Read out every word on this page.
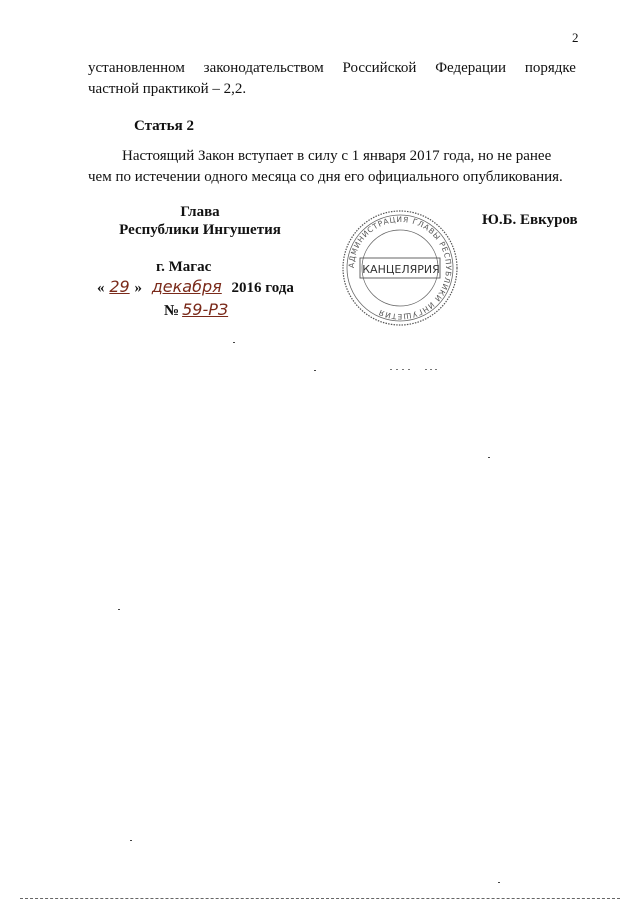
2
установленном законодательством Российской Федерации порядке
частной практикой – 2,2.
Статья 2
Настоящий Закон вступает в силу с 1 января 2017 года, но не ранее
чем по истечении одного месяца со дня его официального опубликования.
Глава
Республики Ингушетия
Ю.Б. Евкуров
г. Магас
« 29 » декабря 2016 года
№ 59-РЗ
АДМИНИСТРАЦИЯ ГЛАВЫ РЕСПУБЛИКИ ИНГУШЕТИЯ
КАНЦЕЛЯРИЯ
